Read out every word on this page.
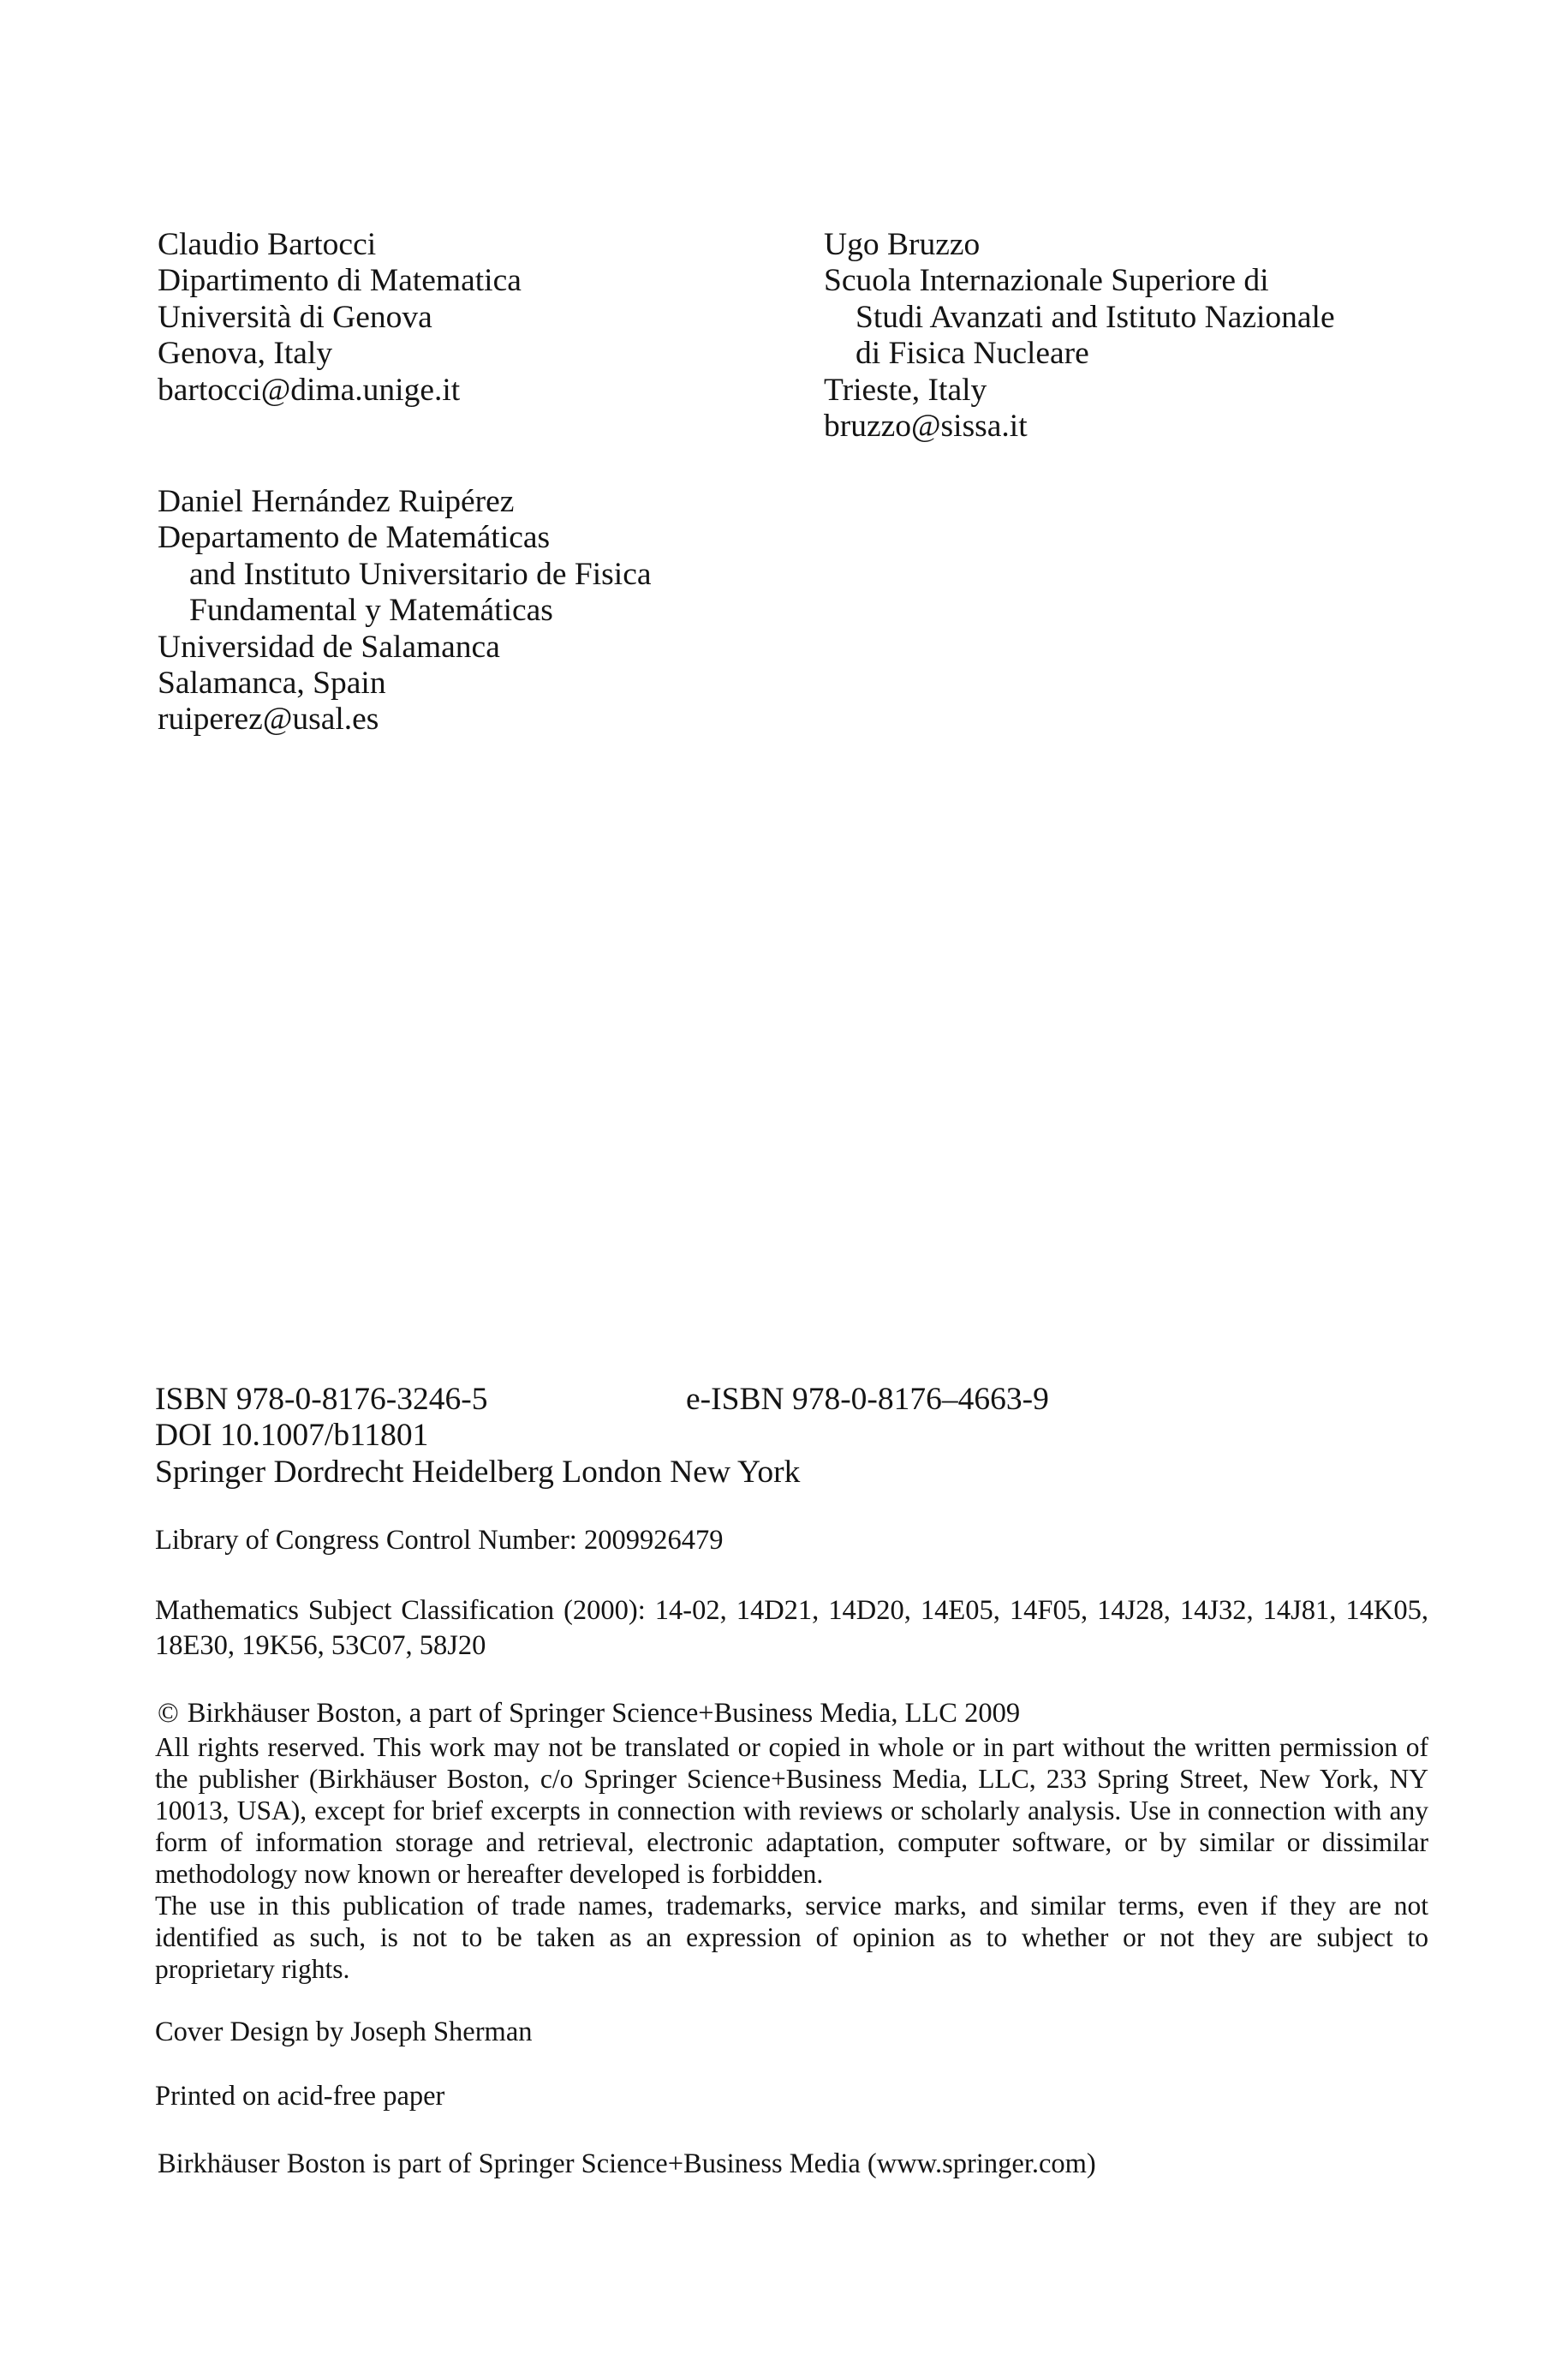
Claudio Bartocci
Dipartimento di Matematica
Università di Genova
Genova, Italy
bartocci@dima.unige.it
Ugo Bruzzo
Scuola Internazionale Superiore di
Studi Avanzati and Istituto Nazionale
di Fisica Nucleare
Trieste, Italy
bruzzo@sissa.it
Daniel Hernández Ruipérez
Departamento de Matemáticas
and Instituto Universitario de Fisica
Fundamental y Matemáticas
Universidad de Salamanca
Salamanca, Spain
ruiperez@usal.es
ISBN 978-0-8176-3246-5	e-ISBN 978-0-8176–4663-9
DOI 10.1007/b11801
Springer Dordrecht Heidelberg London New York
Library of Congress Control Number: 2009926479
Mathematics Subject Classification (2000): 14-02, 14D21, 14D20, 14E05, 14F05, 14J28, 14J32, 14J81, 14K05,
18E30, 19K56, 53C07, 58J20
© Birkhäuser Boston, a part of Springer Science+Business Media, LLC 2009
All rights reserved. This work may not be translated or copied in whole or in part without the written permission of
the publisher (Birkhäuser Boston, c/o Springer Science+Business Media, LLC, 233 Spring Street, New York, NY
10013, USA), except for brief excerpts in connection with reviews or scholarly analysis. Use in connection with any
form of information storage and retrieval, electronic adaptation, computer software, or by similar or dissimilar
methodology now known or hereafter developed is forbidden.
The use in this publication of trade names, trademarks, service marks, and similar terms, even if they are not
identified as such, is not to be taken as an expression of opinion as to whether or not they are subject to
proprietary rights.
Cover Design by Joseph Sherman
Printed on acid-free paper
Birkhäuser Boston is part of Springer Science+Business Media (www.springer.com)
